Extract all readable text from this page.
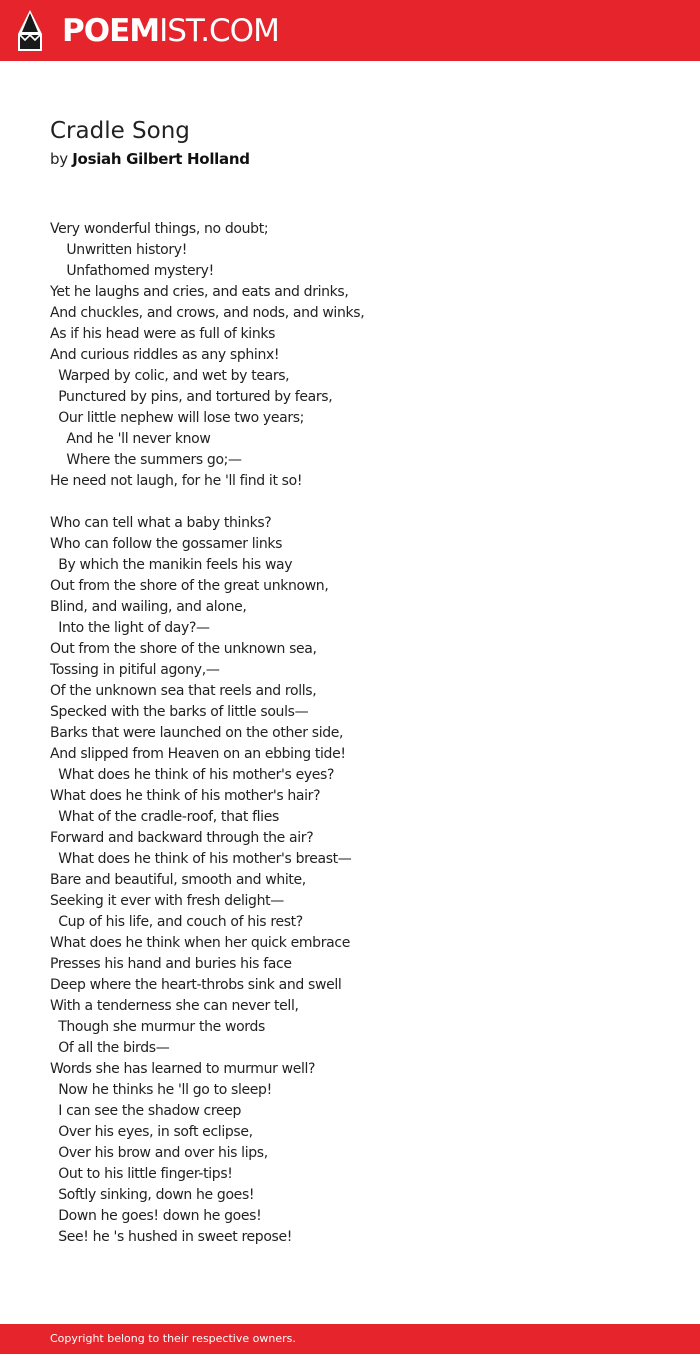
POEMIST.COM
Cradle Song
by Josiah Gilbert Holland
Very wonderful things, no doubt;
Unwritten history!
Unfathomed mystery!
Yet he laughs and cries, and eats and drinks,
And chuckles, and crows, and nods, and winks,
As if his head were as full of kinks
And curious riddles as any sphinx!
Warped by colic, and wet by tears,
Punctured by pins, and tortured by fears,
Our little nephew will lose two years;
And he 'll never know
Where the summers go;—
He need not laugh, for he 'll find it so!
Who can tell what a baby thinks?
Who can follow the gossamer links
By which the manikin feels his way
Out from the shore of the great unknown,
Blind, and wailing, and alone,
Into the light of day?—
Out from the shore of the unknown sea,
Tossing in pitiful agony,—
Of the unknown sea that reels and rolls,
Specked with the barks of little souls—
Barks that were launched on the other side,
And slipped from Heaven on an ebbing tide!
What does he think of his mother's eyes?
What does he think of his mother's hair?
What of the cradle-roof, that flies
Forward and backward through the air?
What does he think of his mother's breast—
Bare and beautiful, smooth and white,
Seeking it ever with fresh delight—
Cup of his life, and couch of his rest?
What does he think when her quick embrace
Presses his hand and buries his face
Deep where the heart-throbs sink and swell
With a tenderness she can never tell,
Though she murmur the words
Of all the birds—
Words she has learned to murmur well?
Now he thinks he 'll go to sleep!
I can see the shadow creep
Over his eyes, in soft eclipse,
Over his brow and over his lips,
Out to his little finger-tips!
Softly sinking, down he goes!
Down he goes! down he goes!
See! he 's hushed in sweet repose!
Copyright belong to their respective owners.
